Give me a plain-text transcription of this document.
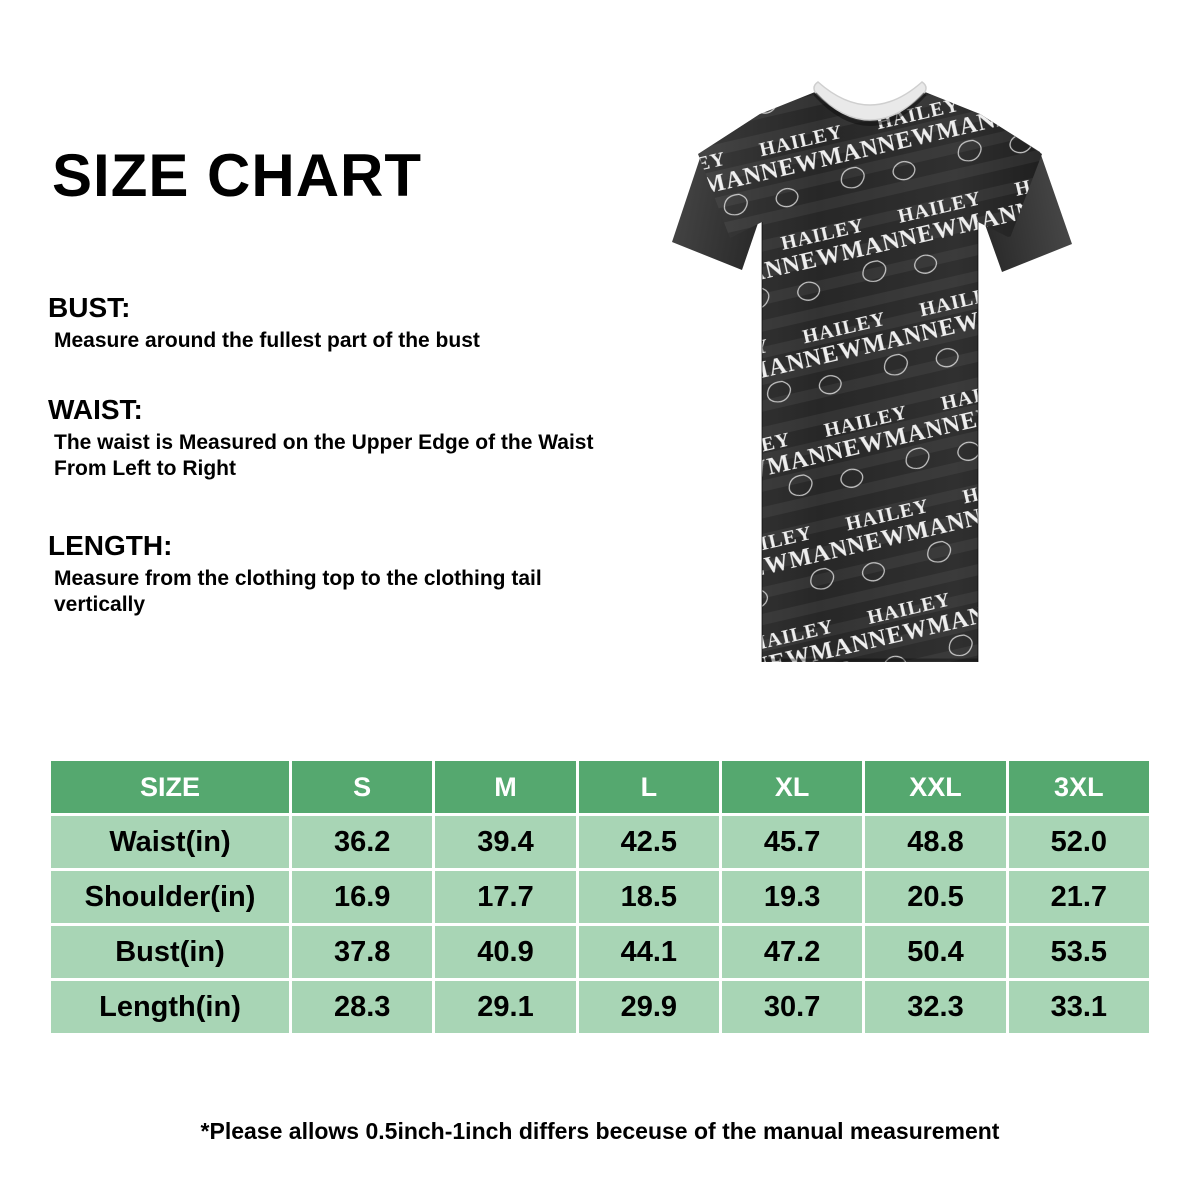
SIZE CHART

BUST:

Measure around the fullest part of the bust

WAIST:

The waist is Measured on the Upper Edge of the Waist From Left to Right

LENGTH:

Measure from the clothing top to the clothing tail vertically

SIZE	S	M	L	XL	XXL	3XL
Waist(in)	36.2	39.4	42.5	45.7	48.8	52.0
Shoulder(in)	16.9	17.7	18.5	19.3	20.5	21.7
Bust(in)	37.8	40.9	44.1	47.2	50.4	53.5
Length(in)	28.3	29.1	29.9	30.7	32.3	33.1
*Please allows 0.5inch-1inch differs beceuse of the manual measurement
